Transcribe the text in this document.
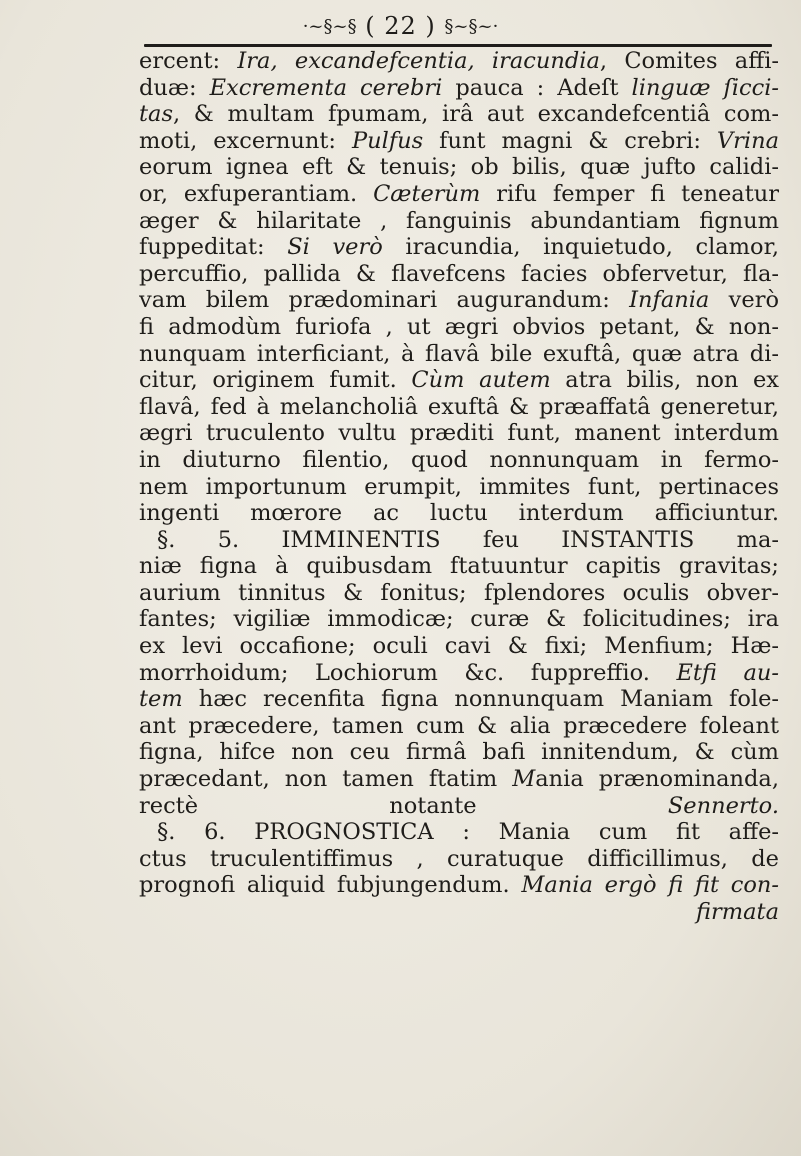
·~§~§ ( 22 ) §~§~·
ercent: Ira, excandefcentia, iracundia, Comites affi-
duæ: Excrementa cerebri pauca : Adeſt linguæ ſicci-
tas, & multam fpumam, irâ aut excandefcentiâ com-
moti, excernunt: Pulfus funt magni & crebri: Vrina
eorum ignea eft & tenuis; ob bilis, quæ jufto calidi-
or, exfuperantiam. Cæterùm rifu femper fi teneatur
æger & hilaritate , fanguinis abundantiam fignum
fuppeditat: Si verò iracundia, inquietudo, clamor,
percuffio, pallida & flavefcens facies obfervetur, fla-
vam bilem prædominari augurandum: Infania verò
fi admodùm furiofa , ut ægri obvios petant, & non-
nunquam interficiant, à flavâ bile exuftâ, quæ atra di-
citur, originem fumit. Cùm autem atra bilis, non ex
flavâ, fed à melancholiâ exuftâ & præaffatâ generetur,
ægri truculento vultu præditi funt, manent interdum
in diuturno filentio, quod nonnunquam in fermo-
nem importunum erumpit, immites funt, pertinaces
ingenti mœrore ac luctu interdum afficiuntur.
§. 5. IMMINENTIS feu INSTANTIS ma-
niæ figna à quibusdam ftatuuntur capitis gravitas;
aurium tinnitus & fonitus; fplendores oculis obver-
fantes; vigiliæ immodicæ; curæ & folicitudines; ira
ex levi occafione; oculi cavi & fixi; Menfium; Hæ-
morrhoidum; Lochiorum &c. fuppreffio. Etfi au-
tem hæc recenfita figna nonnunquam Maniam fole-
ant præcedere, tamen cum & alia præcedere foleant
figna, hifce non ceu firmâ bafi innitendum, & cùm
præcedant, non tamen ftatim Mania prænominanda,
rectè notante Sennerto.
§. 6. PROGNOSTICA : Mania cum fit affe-
ctus truculentiffimus , curatuque difficillimus, de
prognofi aliquid fubjungendum. Mania ergò fi fit con-
firmata
